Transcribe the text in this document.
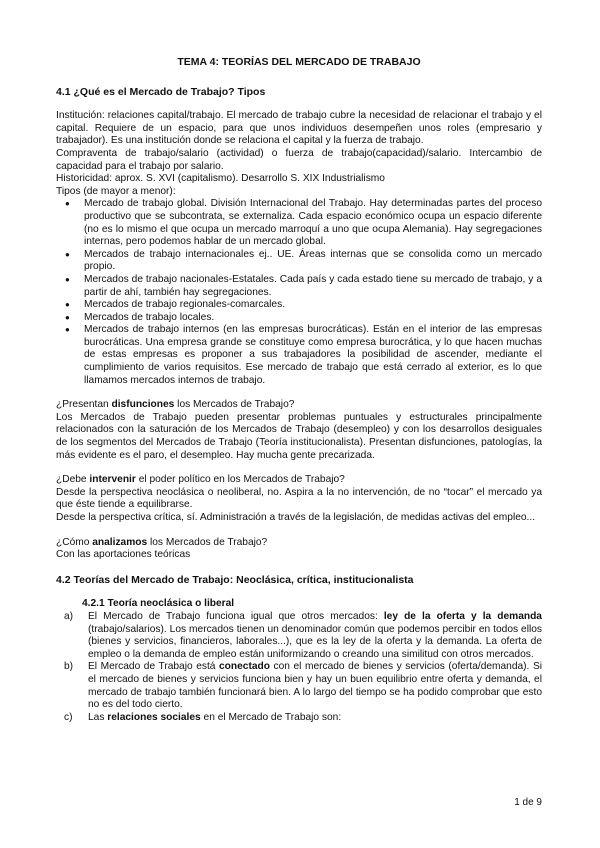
TEMA 4: TEORÍAS DEL MERCADO DE TRABAJO
4.1 ¿Qué es el Mercado de Trabajo? Tipos

Institución: relaciones capital/trabajo. El mercado de trabajo cubre la necesidad de relacionar el trabajo y el capital. Requiere de un espacio, para que unos individuos desempeñen unos roles (empresario y trabajador). Es una institución donde se relaciona el capital y la fuerza de trabajo.

Compraventa de trabajo/salario (actividad) o fuerza de trabajo(capacidad)/salario. Intercambio de capacidad para el trabajo por salario.

Historicidad: aprox. S. XVI (capitalismo). Desarrollo S. XIX Industrialismo

Tipos (de mayor a menor):

● Mercado de trabajo global. División Internacional del Trabajo. Hay determinadas partes del proceso productivo que se subcontrata, se externaliza. Cada espacio económico ocupa un espacio diferente (no es lo mismo el que ocupa un mercado marroquí a uno que ocupa Alemania). Hay segregaciones internas, pero podemos hablar de un mercado global.
● Mercados de trabajo internacionales ej.. UE. Áreas internas que se consolida como un mercado propio.
● Mercados de trabajo nacionales-Estatales. Cada país y cada estado tiene su mercado de trabajo, y a partir de ahí, también hay segregaciones.
● Mercados de trabajo regionales-comarcales.
● Mercados de trabajo locales.
● Mercados de trabajo internos (en las empresas burocráticas). Están en el interior de las empresas burocráticas. Una empresa grande se constituye como empresa burocrática, y lo que hacen muchas de estas empresas es proponer a sus trabajadores la posibilidad de ascender, mediante el cumplimiento de varios requisitos. Ese mercado de trabajo que está cerrado al exterior, es lo que llamamos mercados internos de trabajo.

¿Presentan disfunciones los Mercados de Trabajo?

Los Mercados de Trabajo pueden presentar problemas puntuales y estructurales principalmente relacionados con la saturación de los Mercados de Trabajo (desempleo) y con los desarrollos desiguales de los segmentos del Mercados de Trabajo (Teoría institucionalista). Presentan disfunciones, patologías, la más evidente es el paro, el desempleo. Hay mucha gente precarizada.

¿Debe intervenir el poder político en los Mercados de Trabajo?

Desde la perspectiva neoclásica o neoliberal, no. Aspira a la no intervención, de no “tocar” el mercado ya que éste tiende a equilibrarse.

Desde la perspectiva crítica, sí. Administración a través de la legislación, de medidas activas del empleo...

¿Cómo analizamos los Mercados de Trabajo?

Con las aportaciones teóricas

4.2 Teorías del Mercado de Trabajo: Neoclásica, crítica, institucionalista
4.2.1 Teoría neoclásica o liberal
a) El Mercado de Trabajo funciona igual que otros mercados: ley de la oferta y la demanda (trabajo/salarios). Los mercados tienen un denominador común que podemos percibir en todos ellos (bienes y servicios, financieros, laborales...), que es la ley de la oferta y la demanda. La oferta de empleo o la demanda de empleo están uniformizando o creando una similitud con otros mercados.
b) El Mercado de Trabajo está conectado con el mercado de bienes y servicios (oferta/demanda). Si el mercado de bienes y servicios funciona bien y hay un buen equilibrio entre oferta y demanda, el mercado de trabajo también funcionará bien. A lo largo del tiempo se ha podido comprobar que esto no es del todo cierto.
c) Las relaciones sociales en el Mercado de Trabajo son:
1 de 9
